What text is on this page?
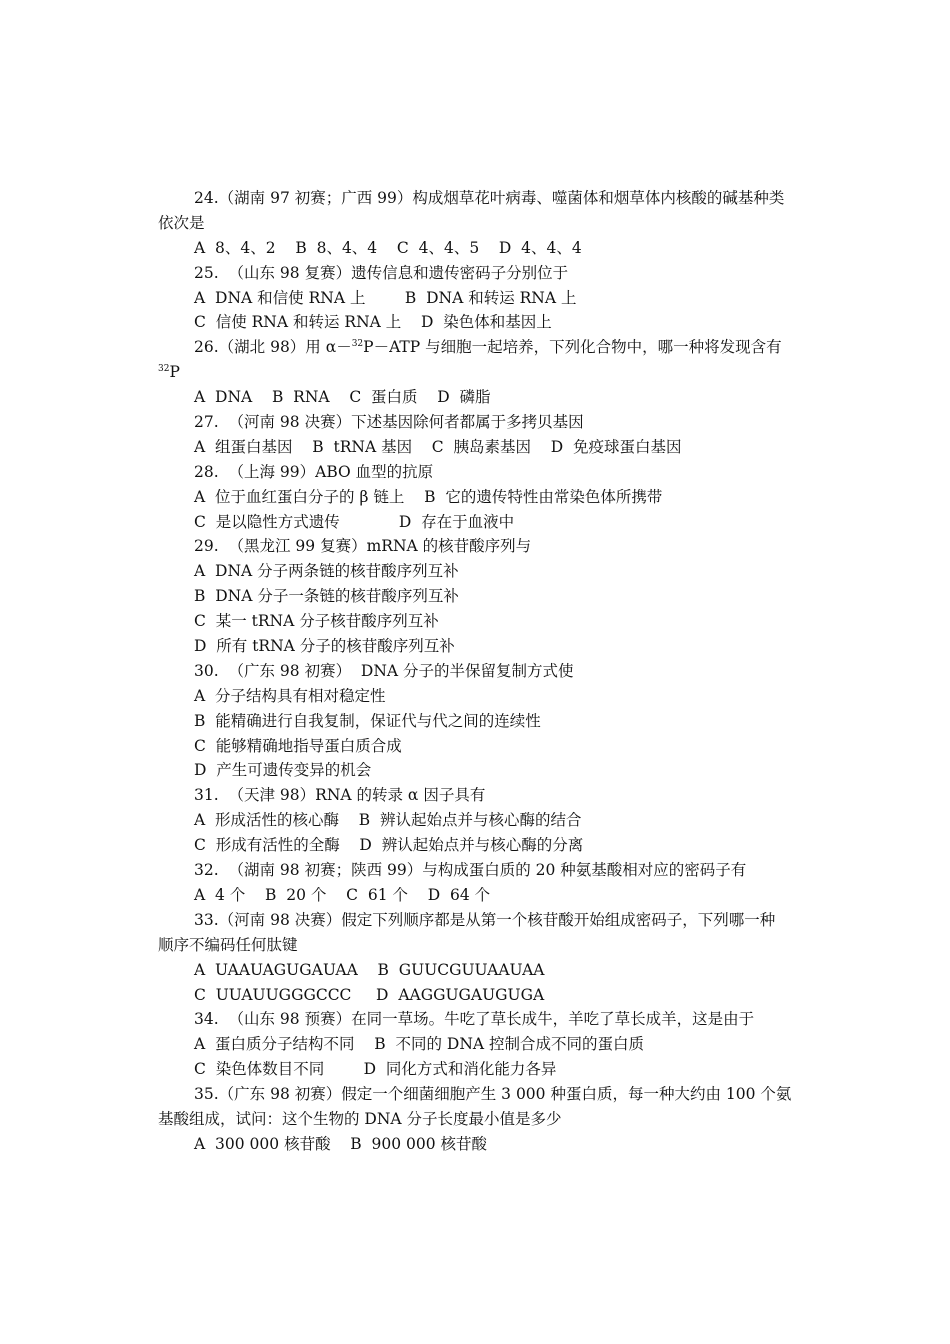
24.（湖南 97 初赛；广西 99）构成烟草花叶病毒、噬菌体和烟草体内核酸的碱基种类
依次是
A  8、4、2    B  8、4、4    C  4、4、5    D  4、4、4
25.  （山东 98 复赛）遗传信息和遗传密码子分别位于
A  DNA 和信使 RNA 上        B  DNA 和转运 RNA 上
C  信使 RNA 和转运 RNA 上    D  染色体和基因上
26.（湖北 98）用 α－$^{32}$P－ATP 与细胞一起培养，下列化合物中，哪一种将发现含有
$^{32}$P
A  DNA    B  RNA    C  蛋白质    D  磷脂
27.  （河南 98 决赛）下述基因除何者都属于多拷贝基因
A  组蛋白基因    B  tRNA 基因    C  胰岛素基因    D  免疫球蛋白基因
28.  （上海 99）ABO 血型的抗原
A  位于血红蛋白分子的 β 链上    B  它的遗传特性由常染色体所携带
C  是以隐性方式遗传            D  存在于血液中
29.  （黑龙江 99 复赛）mRNA 的核苷酸序列与
A  DNA 分子两条链的核苷酸序列互补
B  DNA 分子一条链的核苷酸序列互补
C  某一 tRNA 分子核苷酸序列互补
D  所有 tRNA 分子的核苷酸序列互补
30.  （广东 98 初赛）  DNA 分子的半保留复制方式使
A  分子结构具有相对稳定性
B  能精确进行自我复制，保证代与代之间的连续性
C  能够精确地指导蛋白质合成
D  产生可遗传变异的机会
31.  （天津 98）RNA 的转录 α 因子具有
A  形成活性的核心酶    B  辨认起始点并与核心酶的结合
C  形成有活性的全酶    D  辨认起始点并与核心酶的分离
32.  （湖南 98 初赛；陕西 99）与构成蛋白质的 20 种氨基酸相对应的密码子有
A  4 个    B  20 个    C  61 个    D  64 个
33.（河南 98 决赛）假定下列顺序都是从第一个核苷酸开始组成密码子，下列哪一种
顺序不编码任何肽键
A  UAAUAGUGAUAA    B  GUUCGUUAAUAA
C  UUAUUGGGCCC     D  AAGGUGAUGUGA
34.  （山东 98 预赛）在同一草场。牛吃了草长成牛，羊吃了草长成羊，这是由于
A  蛋白质分子结构不同    B  不同的 DNA 控制合成不同的蛋白质
C  染色体数目不同        D  同化方式和消化能力各异
35.（广东 98 初赛）假定一个细菌细胞产生 3 000 种蛋白质，每一种大约由 100 个氨
基酸组成，试问：这个生物的 DNA 分子长度最小值是多少
A  300 000 核苷酸    B  900 000 核苷酸
